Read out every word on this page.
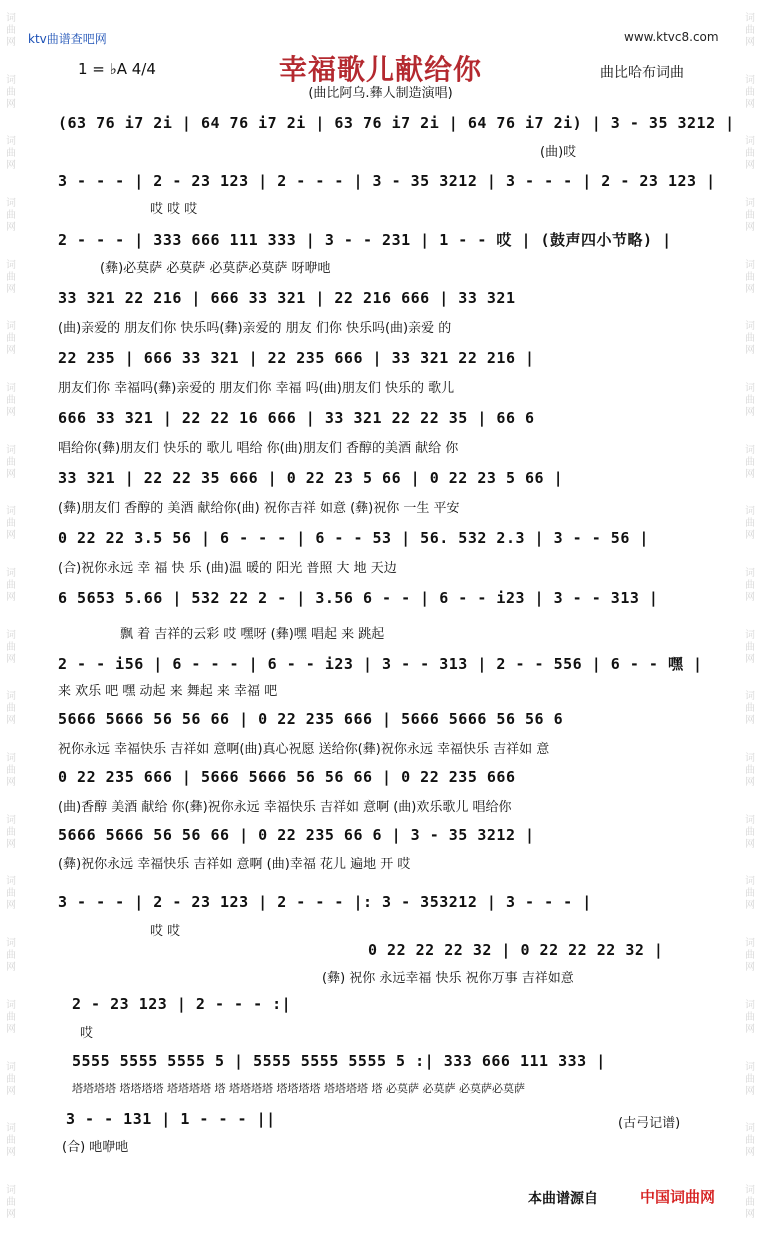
词
曲
网
词
曲
网
词
曲
网
词
曲
网
词
曲
网
词
曲
网
词
曲
网
词
曲
网
词
曲
网
词
曲
网
词
曲
网
词
曲
网
词
曲
网
词
曲
网
词
曲
网
词
曲
网
词
曲
网
词
曲
网
词
曲
网
词
曲
网
词
曲
网
词
曲
网
词
曲
网
词
曲
网
词
曲
网
词
曲
网
词
曲
网
词
曲
网
词
曲
网
词
曲
网
词
曲
网
词
曲
网
词
曲
网
词
曲
网
词
曲
网
词
曲
网
词
曲
网
词
曲
网
词
曲
网
词
曲
网
ktv曲谱查吧网	www.ktvc8.com
幸福歌儿献给你
1 = ♭A 4/4	曲比哈布词曲
(曲比阿乌.彝人制造演唱)
(63 76 i7 2i | 64 76 i7 2i | 63 76 i7 2i | 64 76 i7 2i) | 3 - 35 3212 |
(曲)哎
3 - - - | 2 - 23 123 | 2 - - - | 3 - 35 3212 | 3 - - - | 2 - 23 123 |
哎 哎 哎
2 - - - | 333 666 111 333 | 3 - - 231 | 1 - - 哎 | (鼓声四小节略) |
(彝)必莫萨 必莫萨 必莫萨必莫萨 呀咿吔
33 321 22 216 | 666 33 321 | 22 216 666 | 33 321
(曲)亲爱的 朋友们你 快乐吗(彝)亲爱的 朋友 们你 快乐吗(曲)亲爱 的
22 235 | 666 33 321 | 22 235 666 | 33 321 22 216 |
朋友们你 幸福吗(彝)亲爱的 朋友们你 幸福 吗(曲)朋友们 快乐的 歌儿
666 33 321 | 22 22 16 666 | 33 321 22 22 35 | 66 6
唱给你(彝)朋友们 快乐的 歌儿 唱给 你(曲)朋友们 香醇的美酒 献给 你
33 321 | 22 22 35 666 | 0 22 23 5 66 | 0 22 23 5 66 |
(彝)朋友们 香醇的 美酒 献给你(曲) 祝你吉祥 如意 (彝)祝你 一生 平安
0 22 22 3.5 56 | 6 - - - | 6 - - 53 | 56. 532 2.3 | 3 - - 56 |
(合)祝你永远 幸 福 快 乐 (曲)温 暖的 阳光 普照 大 地 天边
6 5653 5.66 | 532 22 2 - | 3.56 6 - - | 6 - - i23 | 3 - - 313 |
飘 着 吉祥的云彩 哎 嘿呀 (彝)嘿 唱起 来 跳起
2 - - i56 | 6 - - - | 6 - - i23 | 3 - - 313 | 2 - - 556 | 6 - - 嘿 |
来 欢乐 吧 嘿 动起 来 舞起 来 幸福 吧
5666 5666 56 56 66 | 0 22 235 666 | 5666 5666 56 56 6
祝你永远 幸福快乐 吉祥如 意啊(曲)真心祝愿 送给你(彝)祝你永远 幸福快乐 吉祥如 意
0 22 235 666 | 5666 5666 56 56 66 | 0 22 235 666
(曲)香醇 美酒 献给 你(彝)祝你永远 幸福快乐 吉祥如 意啊 (曲)欢乐歌儿 唱给你
5666 5666 56 56 66 | 0 22 235 66 6 | 3 - 35 3212 |
(彝)祝你永远 幸福快乐 吉祥如 意啊 (曲)幸福 花儿 遍地 开 哎
3 - - - | 2 - 23 123 | 2 - - - |: 3 - 353212 | 3 - - - |
哎 哎
0 22 22 22 32 | 0 22 22 22 32 |
(彝) 祝你 永远幸福 快乐 祝你万事 吉祥如意
2 - 23 123 | 2 - - - :|
哎
5555 5555 5555 5 | 5555 5555 5555 5 :| 333 666 111 333 |
塔塔塔塔 塔塔塔塔 塔塔塔塔 塔 塔塔塔塔 塔塔塔塔 塔塔塔塔 塔 必莫萨 必莫萨 必莫萨必莫萨
3 - - 131 | 1 - - - ||
(合) 吔咿吔
(古弓记谱)
本曲谱源自	中国词曲网
